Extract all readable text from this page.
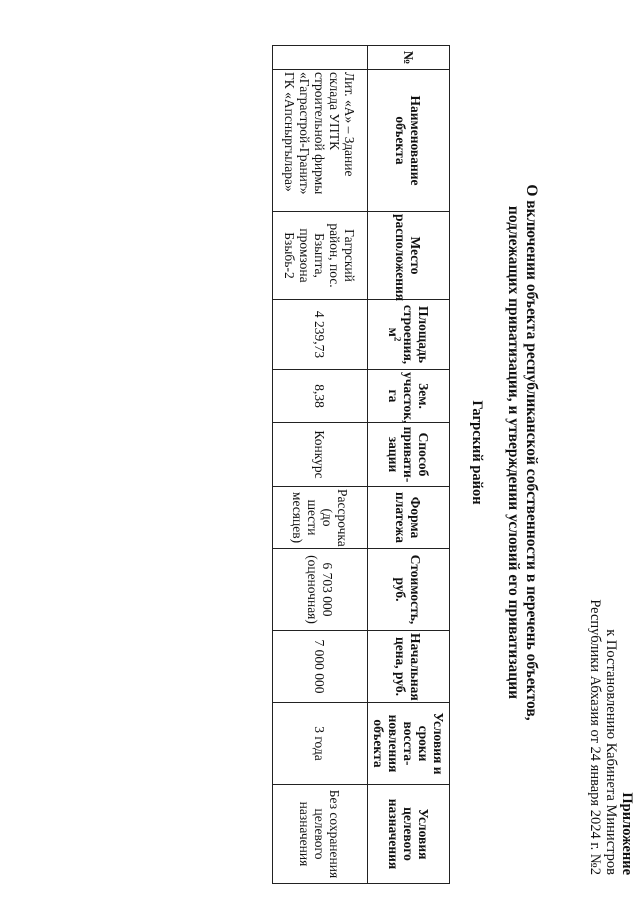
Приложение
к Постановлению Кабинета Министров
Республики Абхазия от 24 января 2024 г. №2
О включении объекта республиканской собственности в перечень объектов,
подлежащих приватизации, и утверждении условий его приватизации
Гагрский район
№	Наименование объекта	Место расположения	Площадь строения, $м^2$	Зем. участок, га	Способ привати- зации	Форма платежа	Стоимость, руб.	Начальная цена, руб.	Условия и сроки восста- новления объекта	Условия целевого назначения
	Лит. «А» – Здание склада УПТК строительной фирмы «Гаграстрой-Гранит» ГК «Апсныргылара»	Гагрский район, пос. Бзыпта, промзона Бзыбь-2	4 239,73	8,38	Конкурс	Рассрочка (до шести месяцев)	6 703 000 (оценочная)	7 000 000	3 года	Без сохранения целевого назначения
